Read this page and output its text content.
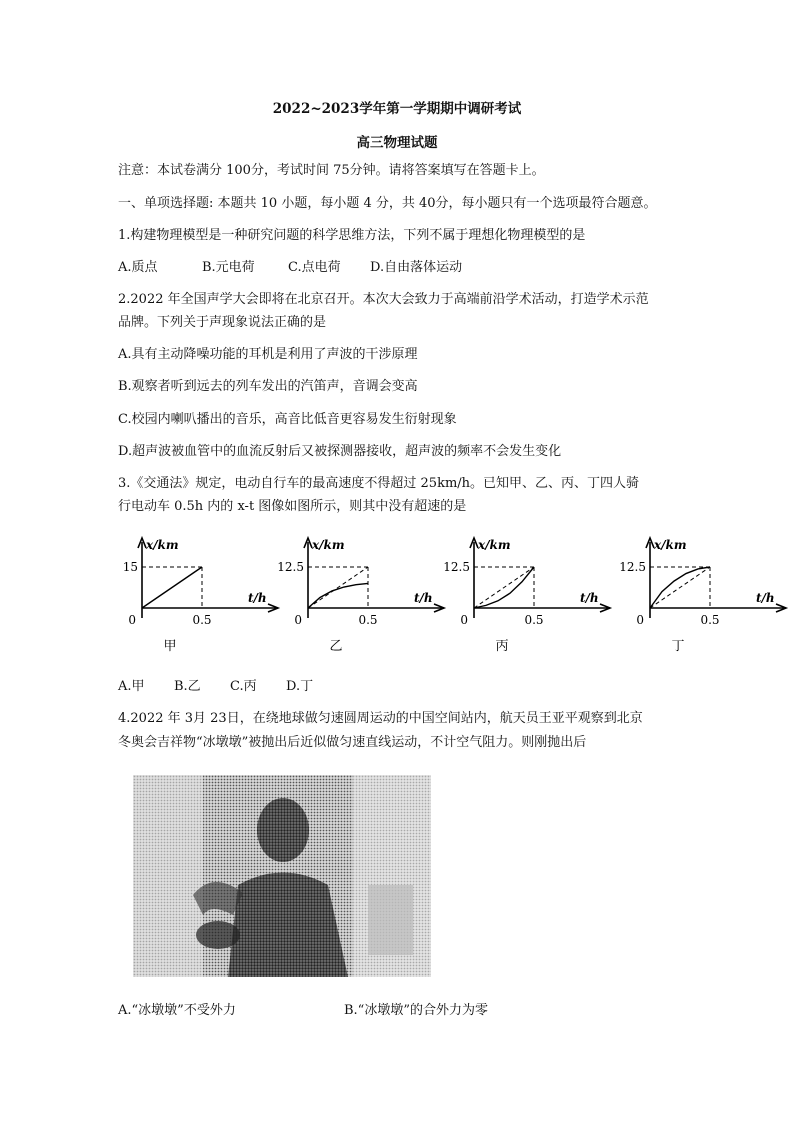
2022~2023学年第一学期期中调研考试
高三物理试题
注意：本试卷满分 100分，考试时间 75分钟。请将答案填写在答题卡上。
一、单项选择题: 本题共 10 小题，每小题 4 分，共 40分，每小题只有一个选项最符合题意。
1.构建物理模型是一种研究问题的科学思维方法，下列不属于理想化物理模型的是
A.质点	B.元电荷	C.点电荷 D.自由落体运动
2.2022 年全国声学大会即将在北京召开。本次大会致力于高端前沿学术活动，打造学术示范
品牌。下列关于声现象说法正确的是
A.具有主动降噪功能的耳机是利用了声波的干涉原理
B.观察者听到远去的列车发出的汽笛声，音调会变高
C.校园内喇叭播出的音乐，高音比低音更容易发生衍射现象
D.超声波被血管中的血流反射后又被探测器接收，超声波的频率不会发生变化
3.《交通法》规定，电动自行车的最高速度不得超过 25km/h。已知甲、乙、丙、丁四人骑
行电动车 0.5h 内的 x-t 图像如图所示，则其中没有超速的是
x/km
t/h
15
0	0.5
甲
x/km
t/h
12.5
0	0.5
乙
x/km
t/h
12.5
0	0.5
丙
x/km
t/h
12.5
0	0.5
丁
A.甲 B.乙 C.丙 D.丁
4.2022 年 3月 23日，在绕地球做匀速圆周运动的中国空间站内，航天员王亚平观察到北京
冬奥会吉祥物“冰墩墩”被抛出后近似做匀速直线运动，不计空气阻力。则刚抛出后
A.“冰墩墩”不受外力	B.“冰墩墩”的合外力为零
